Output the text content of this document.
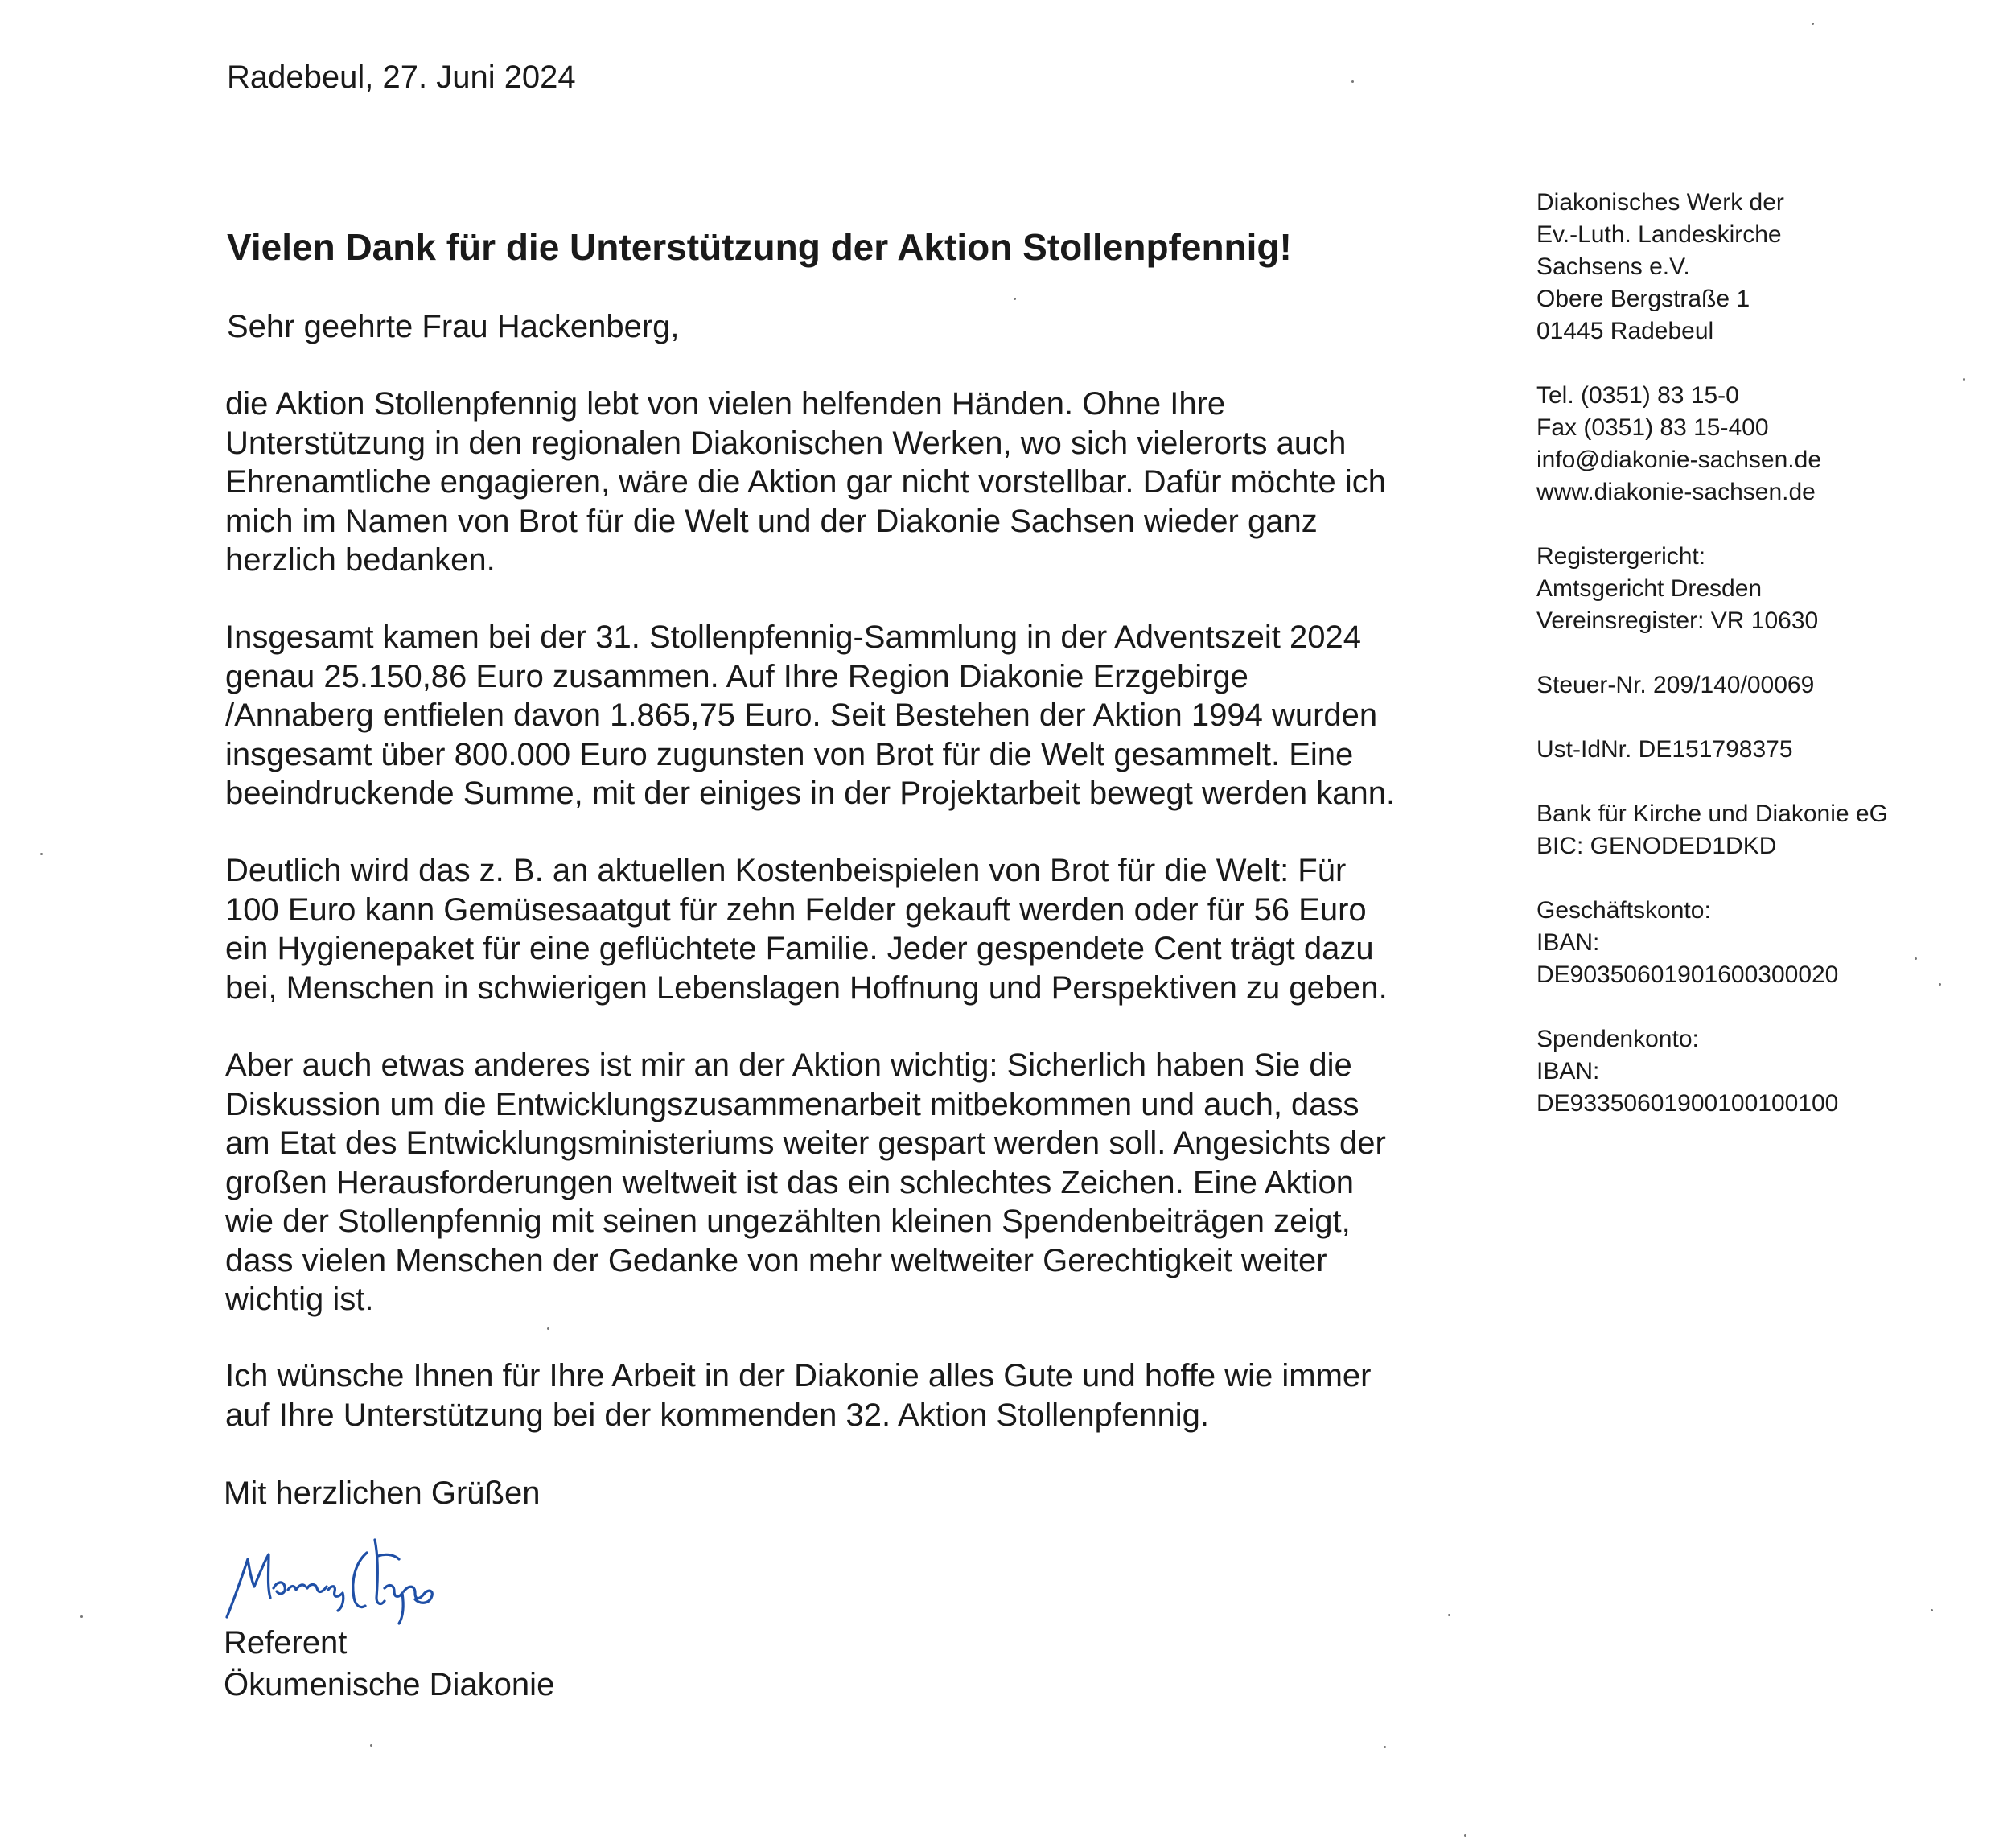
Radebeul, 27. Juni 2024
Vielen Dank für die Unterstützung der Aktion Stollenpfennig!
Sehr geehrte Frau Hackenberg,

die Aktion Stollenpfennig lebt von vielen helfenden Händen. Ohne Ihre
Unterstützung in den regionalen Diakonischen Werken, wo sich vielerorts auch
Ehrenamtliche engagieren, wäre die Aktion gar nicht vorstellbar. Dafür möchte ich
mich im Namen von Brot für die Welt und der Diakonie Sachsen wieder ganz
herzlich bedanken.

Insgesamt kamen bei der 31. Stollenpfennig-Sammlung in der Adventszeit 2024
genau 25.150,86 Euro zusammen. Auf Ihre Region Diakonie Erzgebirge
/Annaberg entfielen davon 1.865,75 Euro. Seit Bestehen der Aktion 1994 wurden
insgesamt über 800.000 Euro zugunsten von Brot für die Welt gesammelt. Eine
beeindruckende Summe, mit der einiges in der Projektarbeit bewegt werden kann.

Deutlich wird das z. B. an aktuellen Kostenbeispielen von Brot für die Welt: Für
100 Euro kann Gemüsesaatgut für zehn Felder gekauft werden oder für 56 Euro
ein Hygienepaket für eine geflüchtete Familie. Jeder gespendete Cent trägt dazu
bei, Menschen in schwierigen Lebenslagen Hoffnung und Perspektiven zu geben.

Aber auch etwas anderes ist mir an der Aktion wichtig: Sicherlich haben Sie die
Diskussion um die Entwicklungszusammenarbeit mitbekommen und auch, dass
am Etat des Entwicklungsministeriums weiter gespart werden soll. Angesichts der
großen Herausforderungen weltweit ist das ein schlechtes Zeichen. Eine Aktion
wie der Stollenpfennig mit seinen ungezählten kleinen Spendenbeiträgen zeigt,
dass vielen Menschen der Gedanke von mehr weltweiter Gerechtigkeit weiter
wichtig ist.

Ich wünsche Ihnen für Ihre Arbeit in der Diakonie alles Gute und hoffe wie immer
auf Ihre Unterstützung bei der kommenden 32. Aktion Stollenpfennig.

Mit herzlichen Grüßen
Referent
Ökumenische Diakonie
Diakonisches Werk der
Ev.-Luth. Landeskirche
Sachsens e.V.
Obere Bergstraße 1
01445 Radebeul
Tel. (0351) 83 15-0
Fax (0351) 83 15-400
info@diakonie-sachsen.de
www.diakonie-sachsen.de
Registergericht:
Amtsgericht Dresden
Vereinsregister: VR 10630
Steuer-Nr. 209/140/00069
Ust-IdNr. DE151798375
Bank für Kirche und Diakonie eG
BIC: GENODED1DKD
Geschäftskonto:
IBAN:
DE90350601901600300020
Spendenkonto:
IBAN:
DE93350601900100100100
